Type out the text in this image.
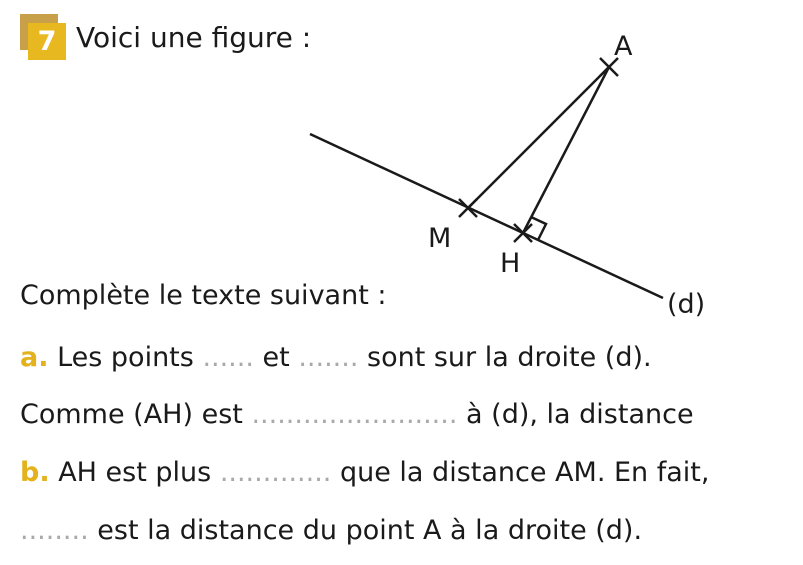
7 Voici une figure :	A
M
H
(d)
Complète le texte suivant :
a. Les points ...... et ....... sont sur la droite (d).
Comme (AH) est ........................ à (d), la distance
b. AH est plus ............. que la distance AM. En fait,
........ est la distance du point A à la droite (d).
